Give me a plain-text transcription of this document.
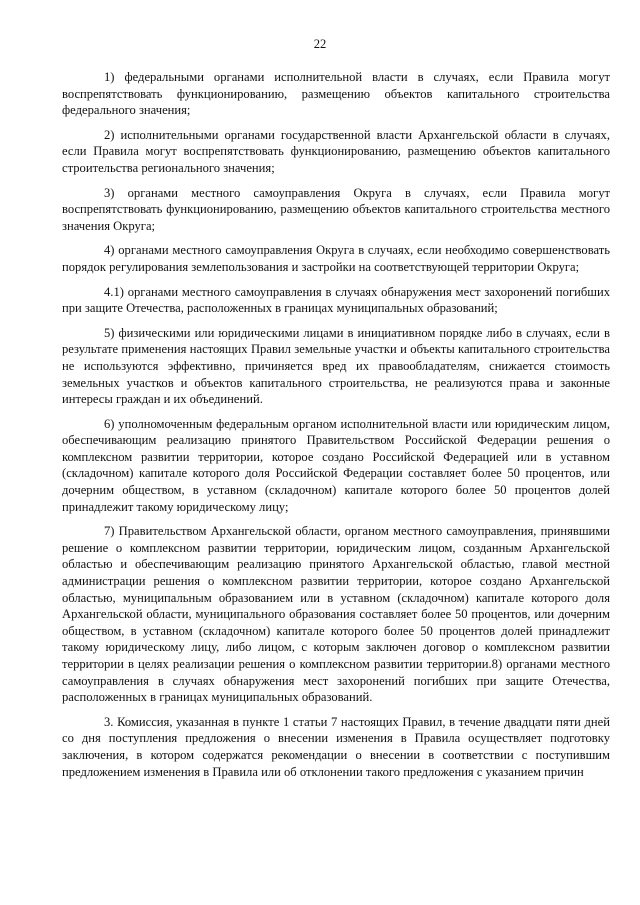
22

1) федеральными органами исполнительной власти в случаях, если Правила могут воспрепятствовать функционированию, размещению объектов капитального строительства федерального значения;

2) исполнительными органами государственной власти Архангельской области в случаях, если Правила могут воспрепятствовать функционированию, размещению объектов капитального строительства регионального значения;

3) органами местного самоуправления Округа в случаях, если Правила могут воспрепятствовать функционированию, размещению объектов капитального строительства местного значения Округа;

4) органами местного самоуправления Округа в случаях, если необходимо совершенствовать порядок регулирования землепользования и застройки на соответствующей территории Округа;

4.1) органами местного самоуправления в случаях обнаружения мест захоронений погибших при защите Отечества, расположенных в границах муниципальных образований;

5) физическими или юридическими лицами в инициативном порядке либо в случаях, если в результате применения настоящих Правил земельные участки и объекты капитального строительства не используются эффективно, причиняется вред их правообладателям, снижается стоимость земельных участков и объектов капитального строительства, не реализуются права и законные интересы граждан и их объединений.

6) уполномоченным федеральным органом исполнительной власти или юридическим лицом, обеспечивающим реализацию принятого Правительством Российской Федерации решения о комплексном развитии территории, которое создано Российской Федерацией или в уставном (складочном) капитале которого доля Российской Федерации составляет более 50 процентов, или дочерним обществом, в уставном (складочном) капитале которого более 50 процентов долей принадлежит такому юридическому лицу;

7) Правительством Архангельской области, органом местного самоуправления, принявшими решение о комплексном развитии территории, юридическим лицом, созданным Архангельской областью и обеспечивающим реализацию принятого Архангельской областью, главой местной администрации решения о комплексном развитии территории, которое создано Архангельской областью, муниципальным образованием или в уставном (складочном) капитале которого доля Архангельской области, муниципального образования составляет более 50 процентов, или дочерним обществом, в уставном (складочном) капитале которого более 50 процентов долей принадлежит такому юридическому лицу, либо лицом, с которым заключен договор о комплексном развитии территории в целях реализации решения о комплексном развитии территории.8) органами местного самоуправления в случаях обнаружения мест захоронений погибших при защите Отечества, расположенных в границах муниципальных образований.

3. Комиссия, указанная в пункте 1 статьи 7 настоящих Правил, в течение двадцати пяти дней со дня поступления предложения о внесении изменения в Правила осуществляет подготовку заключения, в котором содержатся рекомендации о внесении в соответствии с поступившим предложением изменения в Правила или об отклонении такого предложения с указанием причин
